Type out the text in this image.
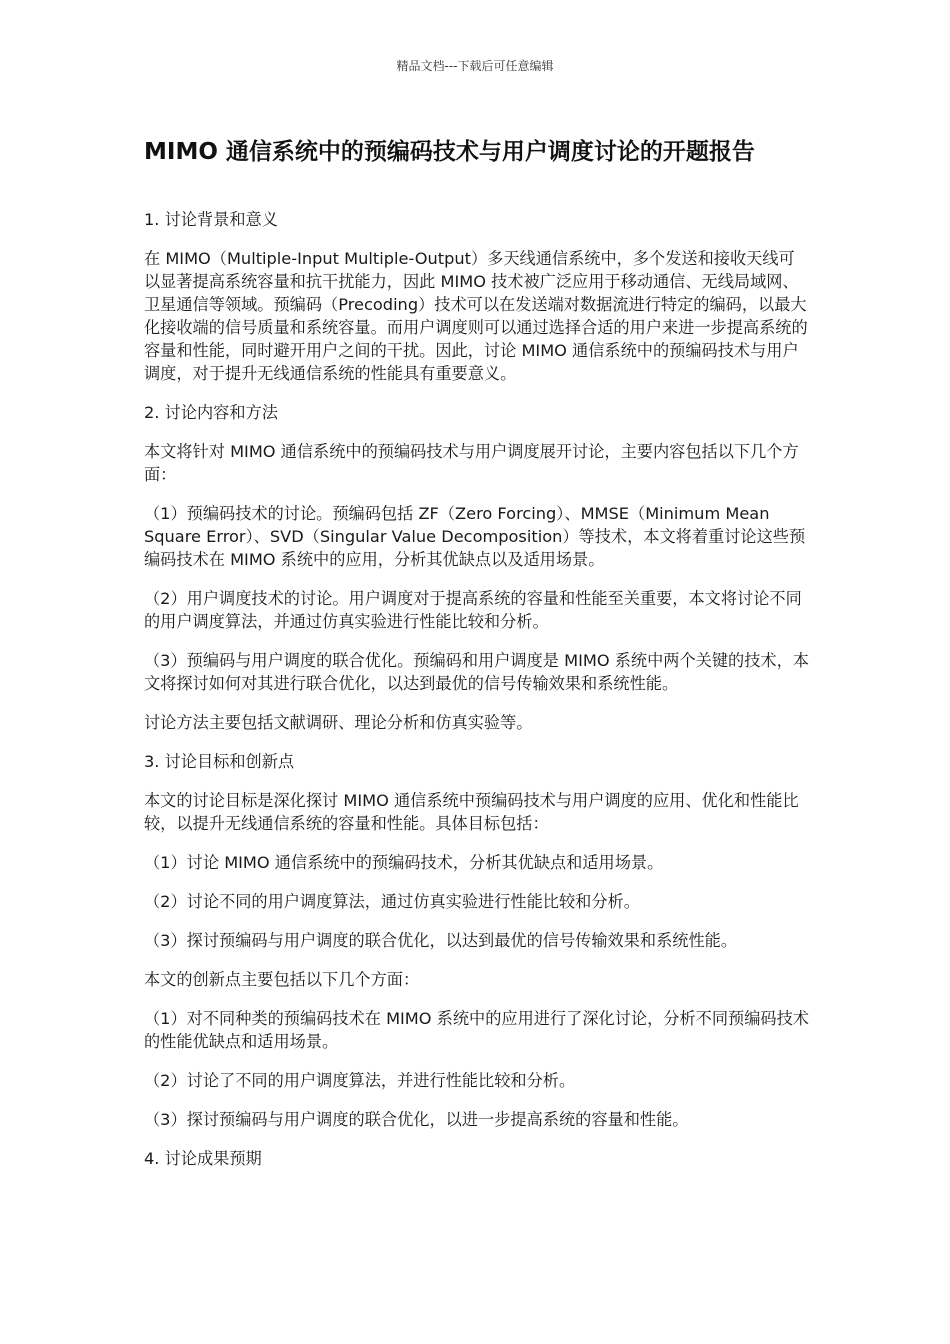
精品文档---下载后可任意编辑
MIMO 通信系统中的预编码技术与用户调度讨论的开题报告

1. 讨论背景和意义

在 MIMO（Multiple-Input Multiple-Output）多天线通信系统中，多个发送和接收天线可以显著提高系统容量和抗干扰能力，因此 MIMO 技术被广泛应用于移动通信、无线局域网、卫星通信等领域。预编码（Precoding）技术可以在发送端对数据流进行特定的编码，以最大化接收端的信号质量和系统容量。而用户调度则可以通过选择合适的用户来进一步提高系统的容量和性能，同时避开用户之间的干扰。因此，讨论 MIMO 通信系统中的预编码技术与用户调度，对于提升无线通信系统的性能具有重要意义。

2. 讨论内容和方法

本文将针对 MIMO 通信系统中的预编码技术与用户调度展开讨论，主要内容包括以下几个方面：

（1）预编码技术的讨论。预编码包括 ZF（Zero Forcing）、MMSE（Minimum Mean Square Error）、SVD（Singular Value Decomposition）等技术，本文将着重讨论这些预编码技术在 MIMO 系统中的应用，分析其优缺点以及适用场景。

（2）用户调度技术的讨论。用户调度对于提高系统的容量和性能至关重要，本文将讨论不同的用户调度算法，并通过仿真实验进行性能比较和分析。

（3）预编码与用户调度的联合优化。预编码和用户调度是 MIMO 系统中两个关键的技术，本文将探讨如何对其进行联合优化，以达到最优的信号传输效果和系统性能。

讨论方法主要包括文献调研、理论分析和仿真实验等。

3. 讨论目标和创新点

本文的讨论目标是深化探讨 MIMO 通信系统中预编码技术与用户调度的应用、优化和性能比较，以提升无线通信系统的容量和性能。具体目标包括：

（1）讨论 MIMO 通信系统中的预编码技术，分析其优缺点和适用场景。

（2）讨论不同的用户调度算法，通过仿真实验进行性能比较和分析。

（3）探讨预编码与用户调度的联合优化，以达到最优的信号传输效果和系统性能。

本文的创新点主要包括以下几个方面：

（1）对不同种类的预编码技术在 MIMO 系统中的应用进行了深化讨论，分析不同预编码技术的性能优缺点和适用场景。

（2）讨论了不同的用户调度算法，并进行性能比较和分析。

（3）探讨预编码与用户调度的联合优化，以进一步提高系统的容量和性能。

4. 讨论成果预期
